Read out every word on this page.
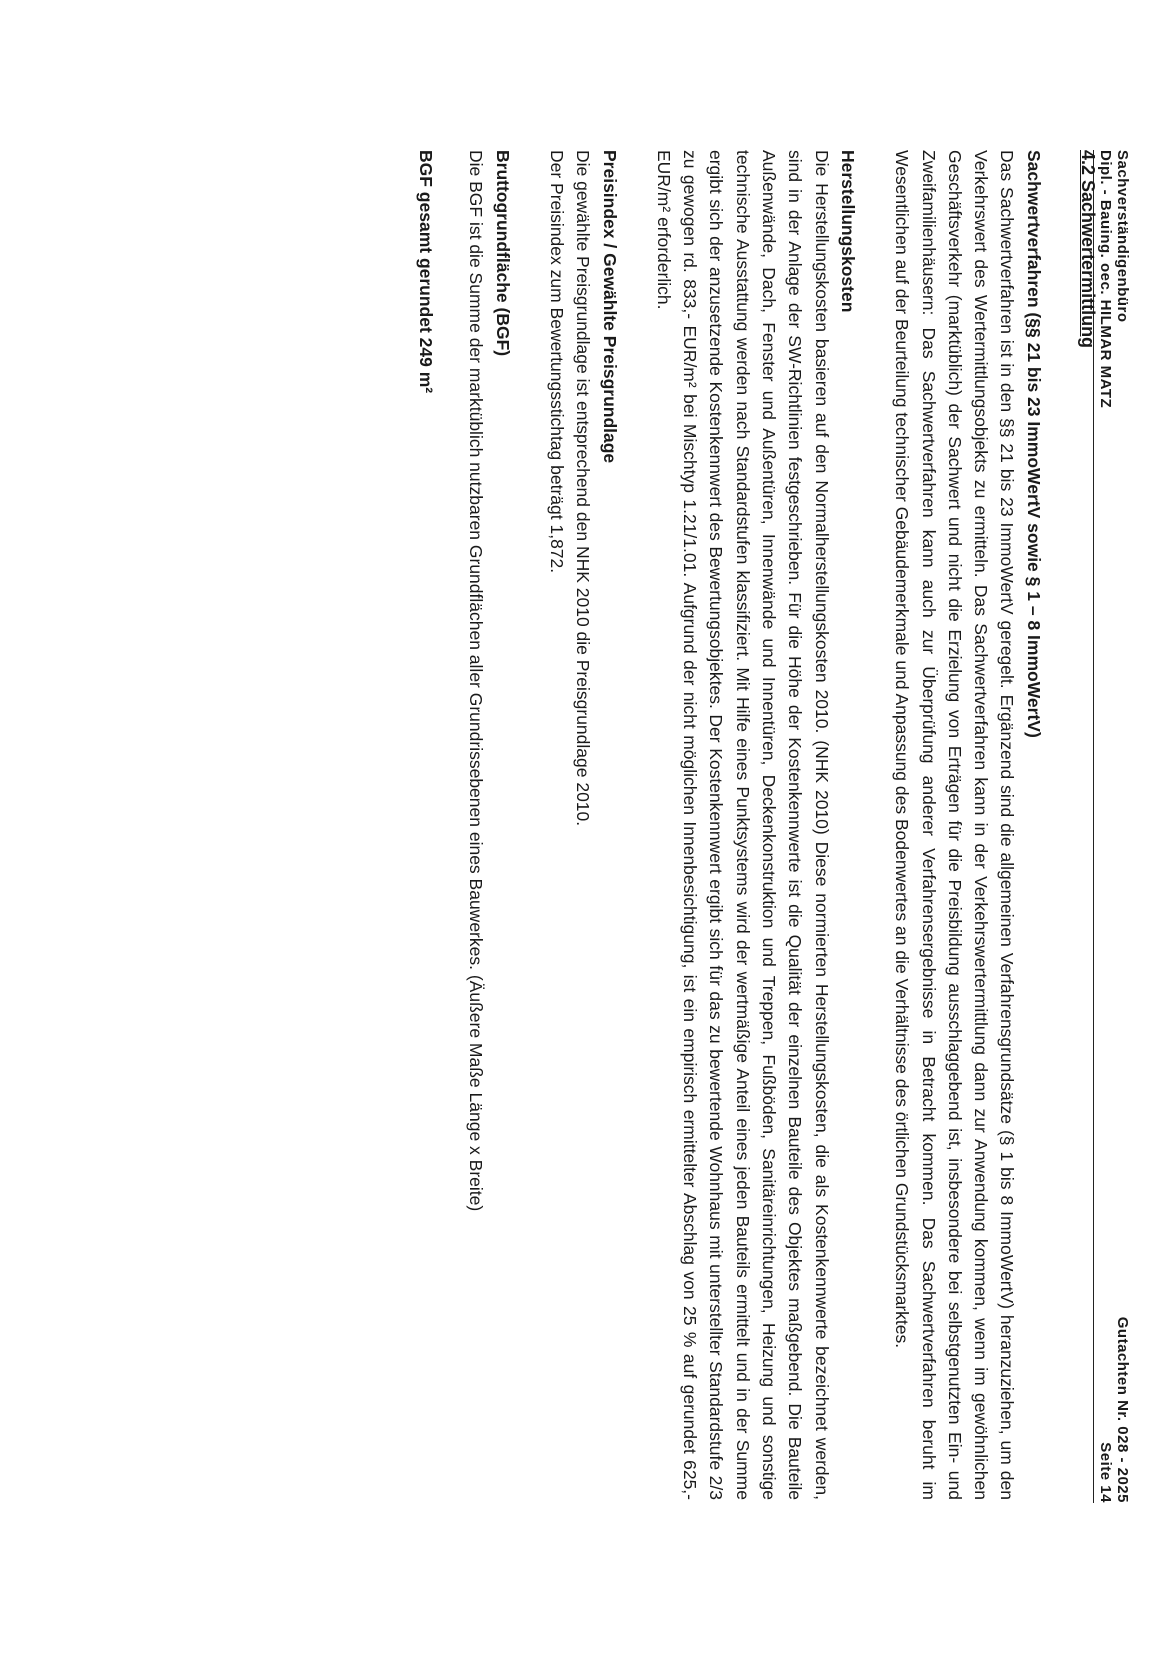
Sachverständigenbüro
Dipl. - Bauing. oec. HILMAR MATZ
Gutachten Nr. 028 - 2025
Seite 14
4.2 Sachwertermittlung
Sachwertverfahren (§§ 21 bis 23 ImmoWertV sowie § 1 – 8 ImmoWertV)

Das Sachwertverfahren ist in den §§ 21 bis 23 ImmoWertV geregelt. Ergänzend sind die allgemeinen Verfahrensgrundsätze (§ 1 bis 8 ImmoWertV) heranzuziehen, um den Verkehrswert des Wertermittlungsobjekts zu ermitteln. Das Sachwertverfahren kann in der Verkehrswertermittlung dann zur Anwendung kommen, wenn im gewöhnlichen Geschäftsverkehr (marktüblich) der Sachwert und nicht die Erzielung von Erträgen für die Preisbildung ausschlaggebend ist, insbesondere bei selbstgenutzten Ein- und Zweifamilienhäusern: Das Sachwertverfahren kann auch zur Überprüfung anderer Verfahrensergebnisse in Betracht kommen. Das Sachwertverfahren beruht im Wesentlichen auf der Beurteilung technischer Gebäudemerkmale und Anpassung des Bodenwertes an die Verhältnisse des örtlichen Grundstücksmarktes.

Herstellungskosten

Die Herstellungskosten basieren auf den Normalherstellungskosten 2010. (NHK 2010) Diese normierten Herstellungskosten, die als Kostenkennwerte bezeichnet werden, sind in der Anlage der SW-Richtlinien festgeschrieben. Für die Höhe der Kostenkennwerte ist die Qualität der einzelnen Bauteile des Objektes maßgebend. Die Bauteile Außenwände, Dach, Fenster und Außentüren, Innenwände und Innentüren, Deckenkonstruktion und Treppen, Fußböden, Sanitäreinrichtungen, Heizung und sonstige technische Ausstattung werden nach Standardstufen klassifiziert. Mit Hilfe eines Punktsystems wird der wertmäßige Anteil eines jeden Bauteils ermittelt und in der Summe ergibt sich der anzusetzende Kostenkennwert des Bewertungsobjektes. Der Kostenkennwert ergibt sich für das zu bewertende Wohnhaus mit unterstellter Standardstufe 2/3 zu gewogen rd. 833,- EUR/m² bei Mischtyp 1.21/1.01. Aufgrund der nicht möglichen Innenbesichtigung, ist ein empirisch ermittelter Abschlag von 25 % auf gerundet 625,- EUR/m² erforderlich.

Preisindex / Gewählte Preisgrundlage

Die gewählte Preisgrundlage ist entsprechend den NHK 2010 die Preisgrundlage 2010.

Der Preisindex zum Bewertungsstichtag beträgt 1,872.

Bruttogrundfläche (BGF)

Die BGF ist die Summe der marktüblich nutzbaren Grundflächen aller Grundrissebenen eines Bauwerkes. (Äußere Maße Länge x Breite)

BGF gesamt gerundet 249 m²
